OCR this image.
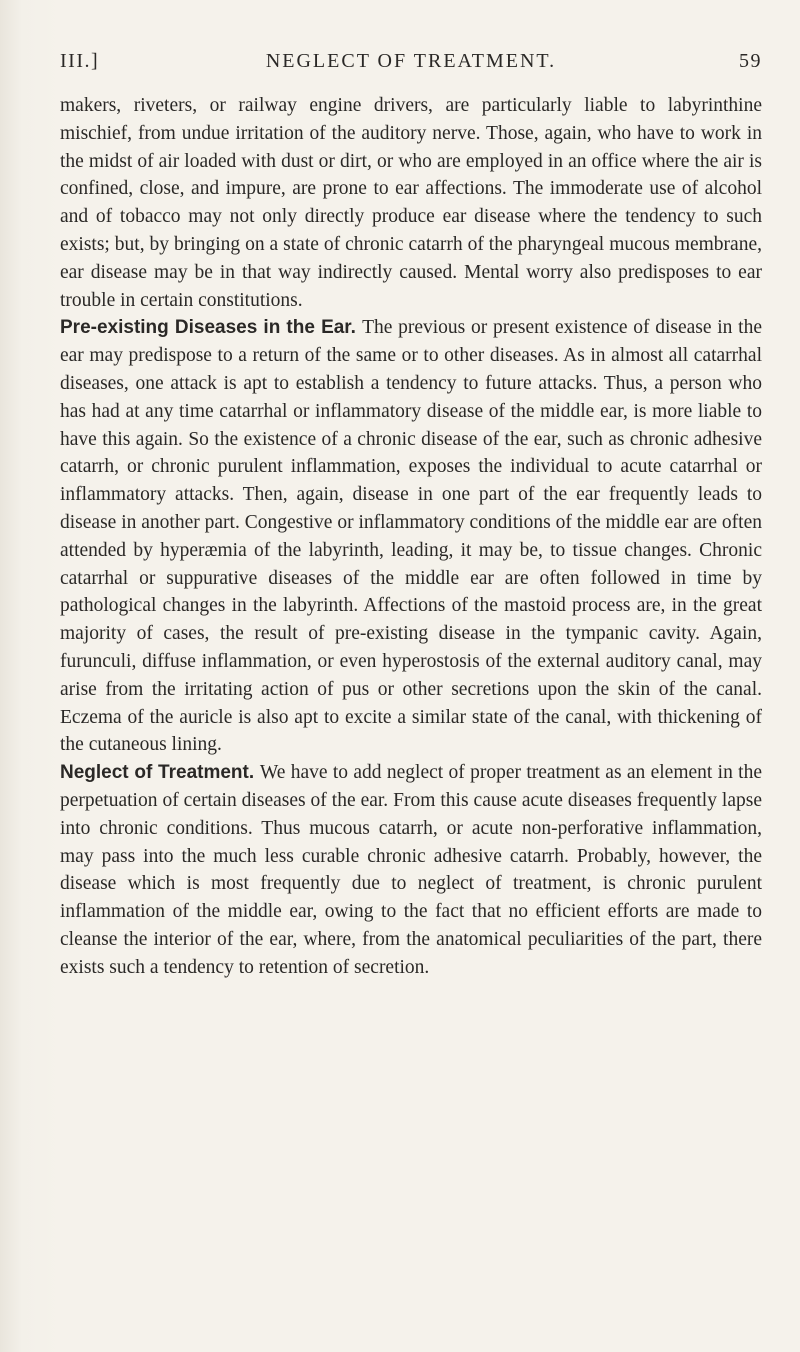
III.]	NEGLECT OF TREATMENT.	59

makers, riveters, or railway engine drivers, are particularly liable to labyrinthine mischief, from undue irritation of the auditory nerve. Those, again, who have to work in the midst of air loaded with dust or dirt, or who are employed in an office where the air is confined, close, and impure, are prone to ear affections. The immoderate use of alcohol and of tobacco may not only directly produce ear disease where the tendency to such exists; but, by bringing on a state of chronic catarrh of the pharyngeal mucous membrane, ear disease may be in that way indirectly caused. Mental worry also predisposes to ear trouble in certain constitutions.

Pre-existing Diseases in the Ear. The previous or present existence of disease in the ear may predispose to a return of the same or to other diseases. As in almost all catarrhal diseases, one attack is apt to establish a tendency to future attacks. Thus, a person who has had at any time catarrhal or inflammatory disease of the middle ear, is more liable to have this again. So the existence of a chronic disease of the ear, such as chronic adhesive catarrh, or chronic purulent inflammation, exposes the individual to acute catarrhal or inflammatory attacks. Then, again, disease in one part of the ear frequently leads to disease in another part. Congestive or inflammatory conditions of the middle ear are often attended by hyperæmia of the labyrinth, leading, it may be, to tissue changes. Chronic catarrhal or suppurative diseases of the middle ear are often followed in time by pathological changes in the labyrinth. Affections of the mastoid process are, in the great majority of cases, the result of pre-existing disease in the tympanic cavity. Again, furunculi, diffuse inflammation, or even hyperostosis of the external auditory canal, may arise from the irritating action of pus or other secretions upon the skin of the canal. Eczema of the auricle is also apt to excite a similar state of the canal, with thickening of the cutaneous lining.

Neglect of Treatment. We have to add neglect of proper treatment as an element in the perpetuation of certain diseases of the ear. From this cause acute diseases frequently lapse into chronic conditions. Thus mucous catarrh, or acute non-perforative inflammation, may pass into the much less curable chronic adhesive catarrh. Probably, however, the disease which is most frequently due to neglect of treatment, is chronic purulent inflammation of the middle ear, owing to the fact that no efficient efforts are made to cleanse the interior of the ear, where, from the anatomical peculiarities of the part, there exists such a tendency to retention of secretion.
